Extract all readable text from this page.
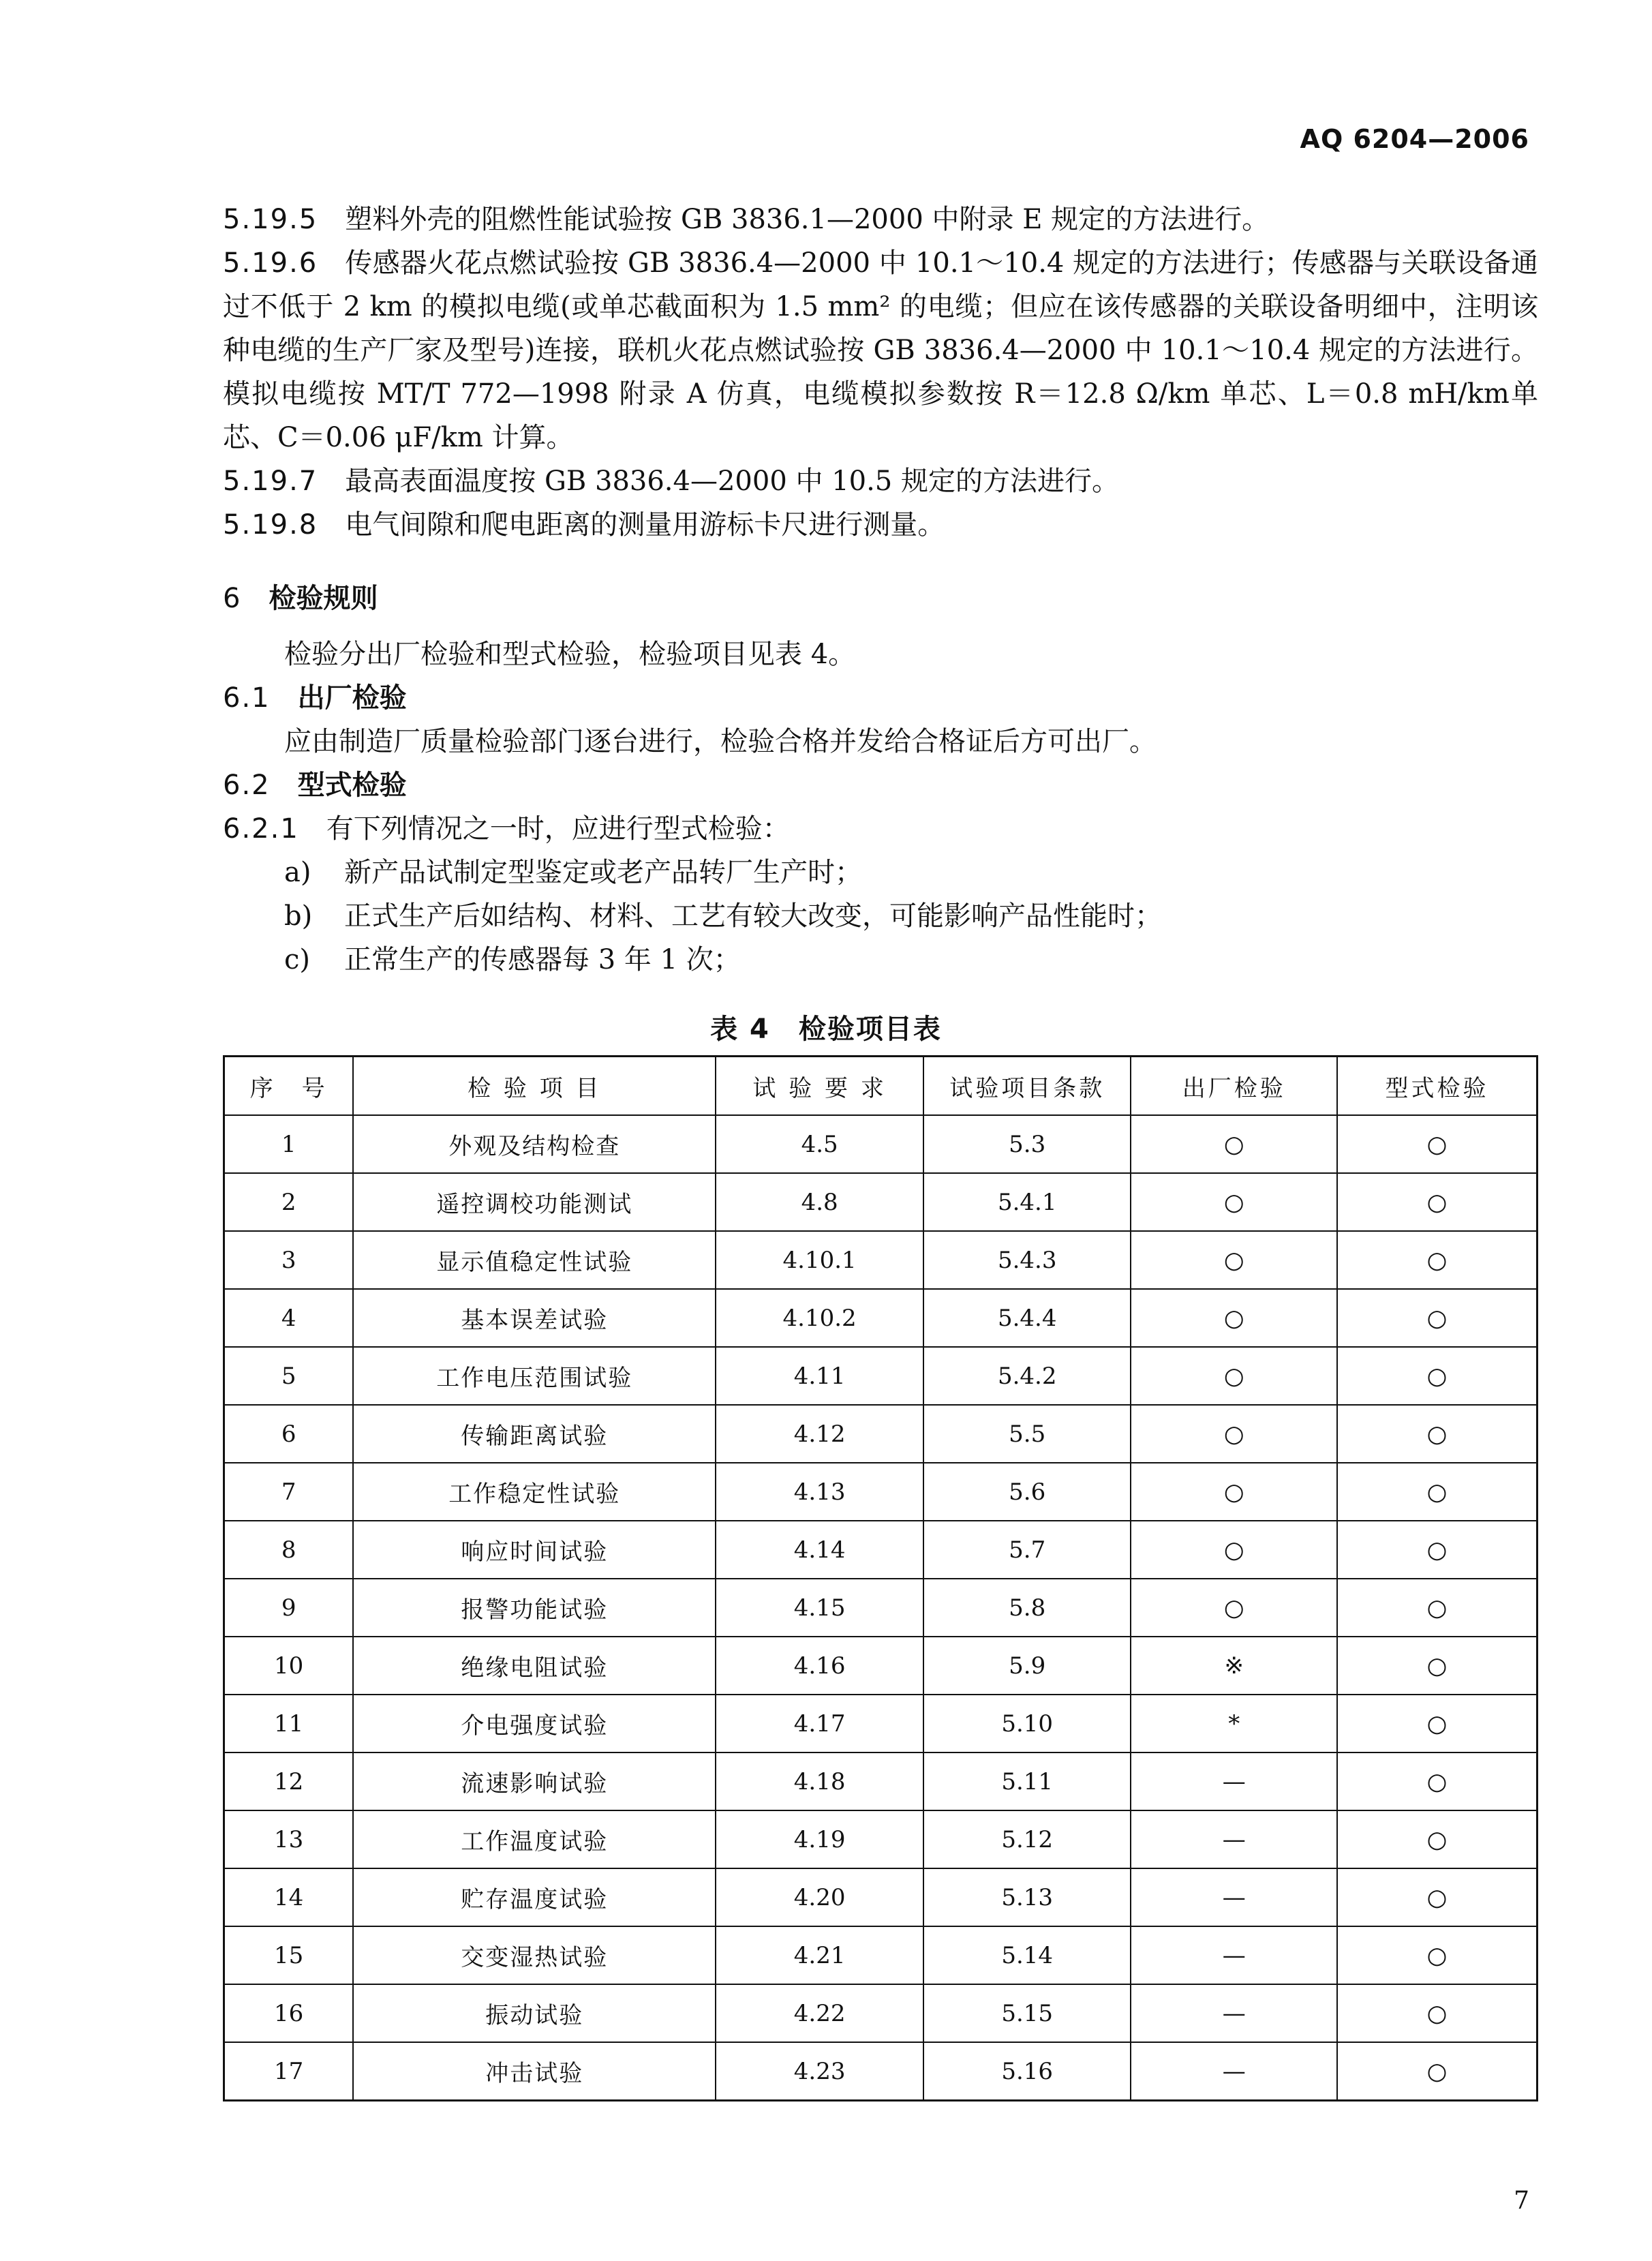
AQ 6204—2006

5.19.5 塑料外壳的阻燃性能试验按 GB 3836.1—2000 中附录 E 规定的方法进行。

5.19.6 传感器火花点燃试验按 GB 3836.4—2000 中 10.1～10.4 规定的方法进行；传感器与关联设备通过不低于 2 km 的模拟电缆(或单芯截面积为 1.5 mm² 的电缆；但应在该传感器的关联设备明细中，注明该种电缆的生产厂家及型号)连接，联机火花点燃试验按 GB 3836.4—2000 中 10.1～10.4 规定的方法进行。模拟电缆按 MT/T 772—1998 附录 A 仿真，电缆模拟参数按 R＝12.8 Ω/km 单芯、L＝0.8 mH/km单芯、C＝0.06 μF/km 计算。

5.19.7 最高表面温度按 GB 3836.4—2000 中 10.5 规定的方法进行。

5.19.8 电气间隙和爬电距离的测量用游标卡尺进行测量。

6 检验规则

检验分出厂检验和型式检验，检验项目见表 4。

6.1 出厂检验

应由制造厂质量检验部门逐台进行，检验合格并发给合格证后方可出厂。

6.2 型式检验

6.2.1 有下列情况之一时，应进行型式检验：

a) 新产品试制定型鉴定或老产品转厂生产时；

b) 正式生产后如结构、材料、工艺有较大改变，可能影响产品性能时；

c) 正常生产的传感器每 3 年 1 次；

表 4　检验项目表
序　号	检 验 项 目	试 验 要 求	试验项目条款	出厂检验	型式检验
1	外观及结构检查	4.5	5.3	○	○
2	遥控调校功能测试	4.8	5.4.1	○	○
3	显示值稳定性试验	4.10.1	5.4.3	○	○
4	基本误差试验	4.10.2	5.4.4	○	○
5	工作电压范围试验	4.11	5.4.2	○	○
6	传输距离试验	4.12	5.5	○	○
7	工作稳定性试验	4.13	5.6	○	○
8	响应时间试验	4.14	5.7	○	○
9	报警功能试验	4.15	5.8	○	○
10	绝缘电阻试验	4.16	5.9	※	○
11	介电强度试验	4.17	5.10	*	○
12	流速影响试验	4.18	5.11	—	○
13	工作温度试验	4.19	5.12	—	○
14	贮存温度试验	4.20	5.13	—	○
15	交变湿热试验	4.21	5.14	—	○
16	振动试验	4.22	5.15	—	○
17	冲击试验	4.23	5.16	—	○
7
